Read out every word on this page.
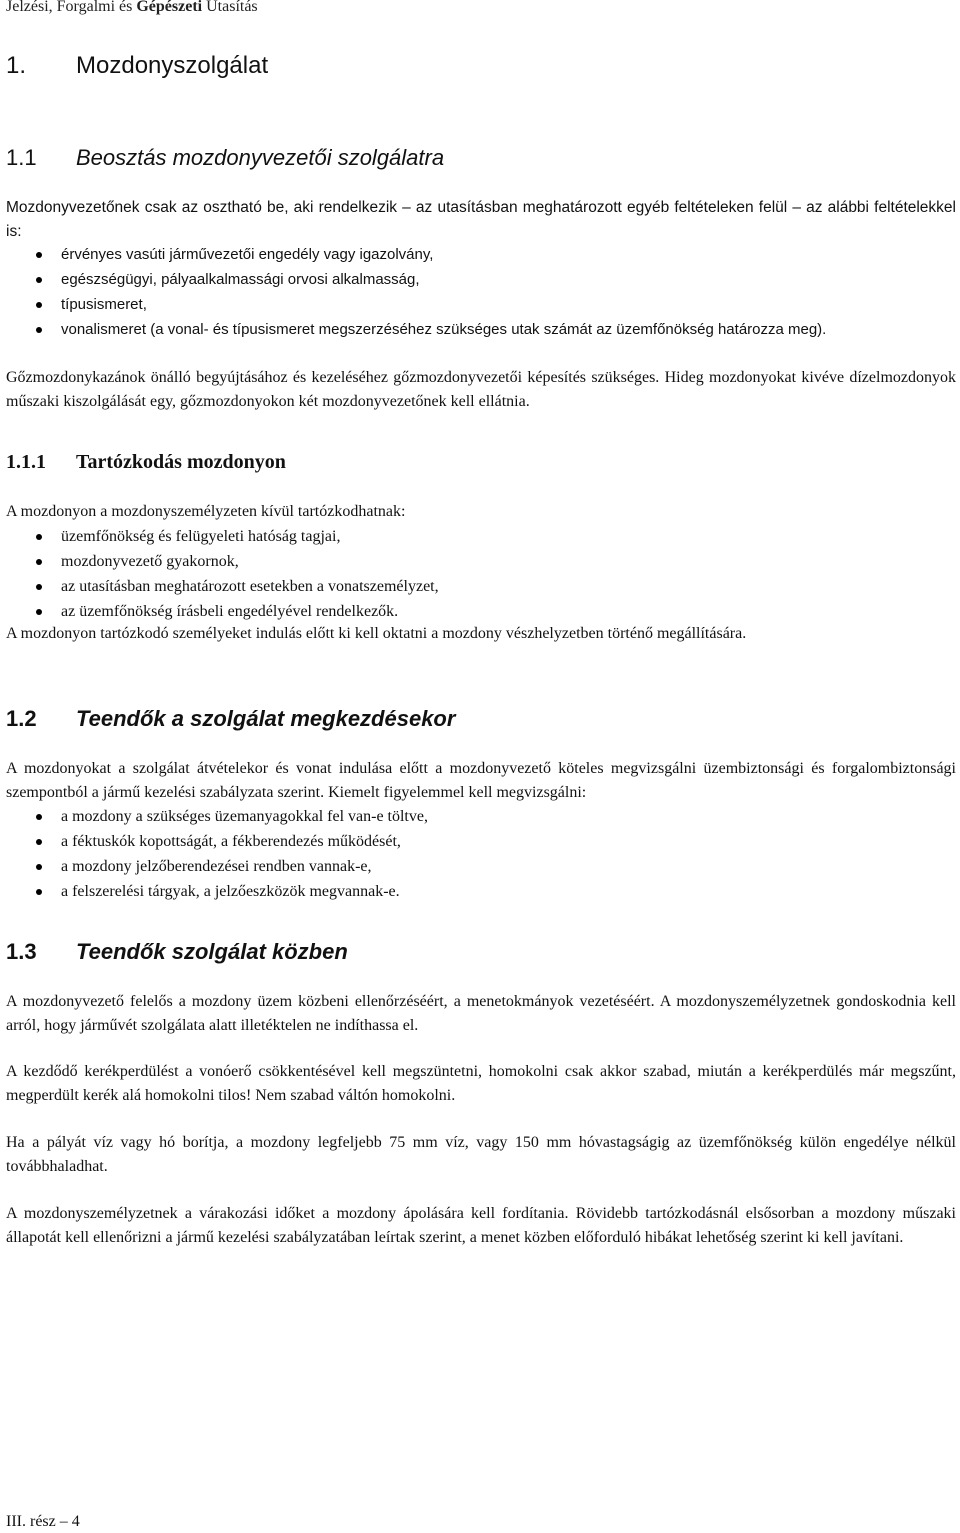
Jelzési, Forgalmi és Gépészeti Utasítás
1. Mozdonyszolgálat
1.1 Beosztás mozdonyvezetői szolgálatra
Mozdonyvezetőnek csak az osztható be, aki rendelkezik – az utasításban meghatározott egyéb feltételeken felül – az alábbi feltételekkel is:
érvényes vasúti járművezetői engedély vagy igazolvány,
egészségügyi, pályaalkalmassági orvosi alkalmasság,
típusismeret,
vonalismeret (a vonal- és típusismeret megszerzéséhez szükséges utak számát az üzemfőnökség határozza meg).
Gőzmozdonykazánok önálló begyújtásához és kezeléséhez gőzmozdonyvezetői képesítés szükséges. Hideg mozdonyokat kivéve dízelmozdonyok műszaki kiszolgálását egy, gőzmozdonyokon két mozdonyvezetőnek kell ellátnia.
1.1.1 Tartózkodás mozdonyon
A mozdonyon a mozdonyszemélyzeten kívül tartózkodhatnak:
üzemfőnökség és felügyeleti hatóság tagjai,
mozdonyvezető gyakornok,
az utasításban meghatározott esetekben a vonatszemélyzet,
az üzemfőnökség írásbeli engedélyével rendelkezők.
A mozdonyon tartózkodó személyeket indulás előtt ki kell oktatni a mozdony vészhelyzetben történő megállítására.
1.2 Teendők a szolgálat megkezdésekor
A mozdonyokat a szolgálat átvételekor és vonat indulása előtt a mozdonyvezető köteles megvizsgálni üzembiztonsági és forgalombiztonsági szempontból a jármű kezelési szabályzata szerint. Kiemelt figyelemmel kell megvizsgálni:
a mozdony a szükséges üzemanyagokkal fel van-e töltve,
a féktuskók kopottságát, a fékberendezés működését,
a mozdony jelzőberendezései rendben vannak-e,
a felszerelési tárgyak, a jelzőeszközök megvannak-e.
1.3 Teendők szolgálat közben
A mozdonyvezető felelős a mozdony üzem közbeni ellenőrzéséért, a menetokmányok vezetéséért. A mozdonyszemélyzetnek gondoskodnia kell arról, hogy járművét szolgálata alatt illetéktelen ne indíthassa el.
A kezdődő kerékperdülést a vonóerő csökkentésével kell megszüntetni, homokolni csak akkor szabad, miután a kerékperdülés már megszűnt, megperdült kerék alá homokolni tilos! Nem szabad váltón homokolni.
Ha a pályát víz vagy hó borítja, a mozdony legfeljebb 75 mm víz, vagy 150 mm hóvastagságig az üzemfőnökség külön engedélye nélkül továbbhaladhat.
A mozdonyszemélyzetnek a várakozási időket a mozdony ápolására kell fordítania. Rövidebb tartózkodásnál elsősorban a mozdony műszaki állapotát kell ellenőrizni a jármű kezelési szabályzatában leírtak szerint, a menet közben előforduló hibákat lehetőség szerint ki kell javítani.
III. rész – 4
